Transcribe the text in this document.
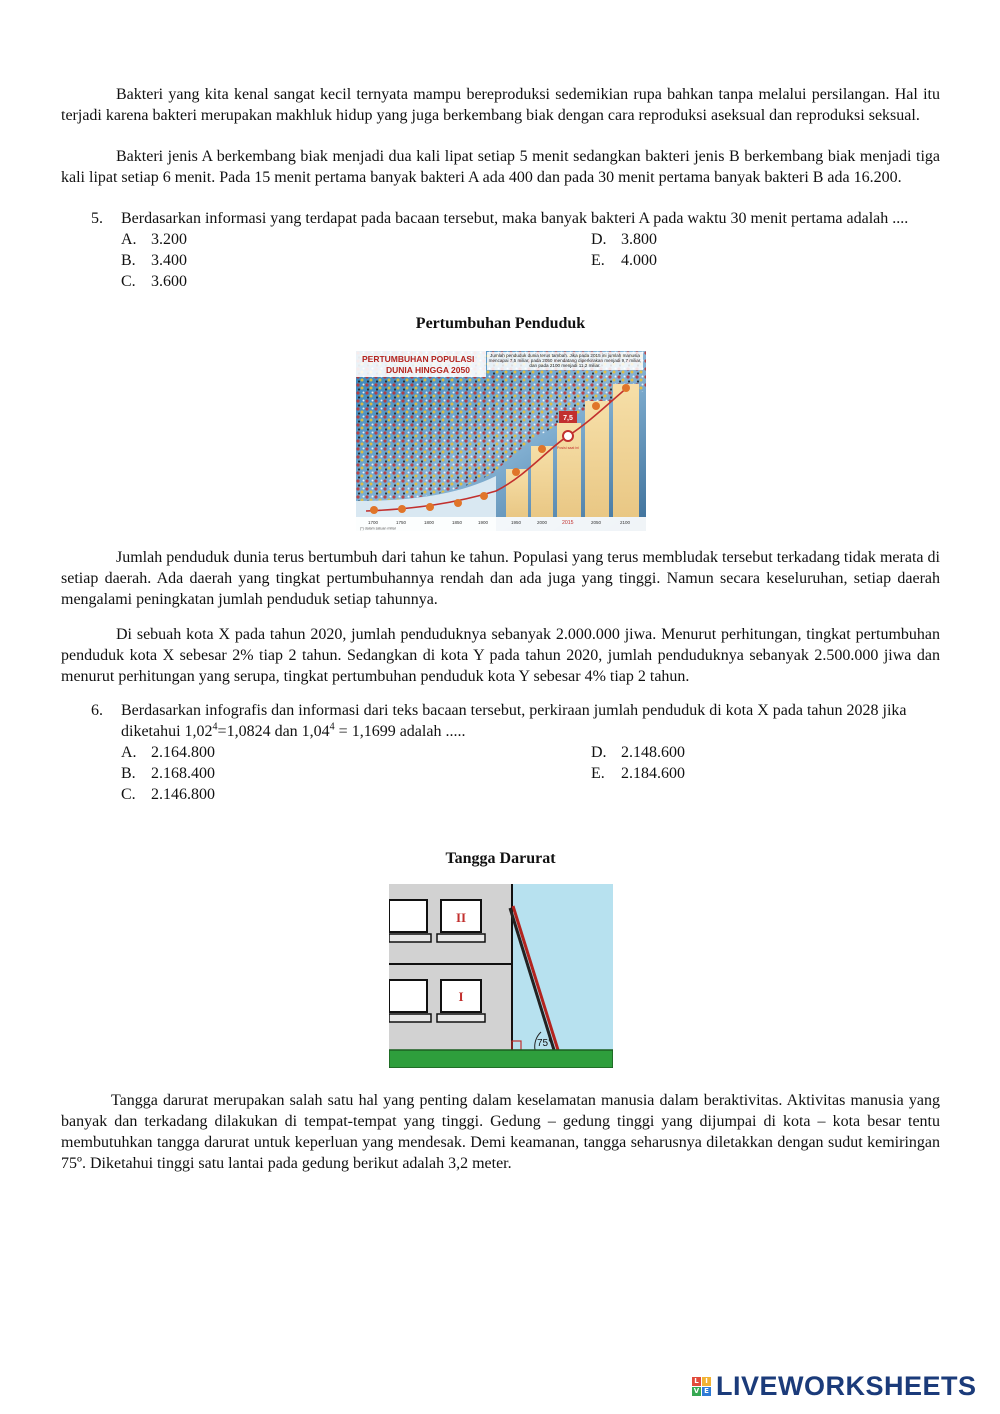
Bakteri yang kita kenal sangat kecil ternyata mampu bereproduksi sedemikian rupa bahkan tanpa melalui persilangan. Hal itu terjadi karena bakteri merupakan makhluk hidup yang juga berkembang biak dengan cara reproduksi aseksual dan reproduksi seksual.

Bakteri jenis A berkembang biak menjadi dua kali lipat setiap 5 menit sedangkan bakteri jenis B berkembang biak menjadi tiga kali lipat setiap 6 menit. Pada 15 menit pertama banyak bakteri A ada 400 dan pada 30 menit pertama banyak bakteri B ada 16.200.

5. Berdasarkan informasi yang terdapat pada bacaan tersebut, maka banyak bakteri A pada waktu 30 menit pertama adalah ....

A. 3.200	D. 3.800
B. 3.400	E.	4.000
C. 3.600
Pertumbuhan Penduduk
PERTUMBUHAN POPULASI
DUNIA HINGGA 2050
Jumlah penduduk dunia terus tambah. Jika pada 2015 ini jumlah manusia mencapai 7,5 miliar, pada 2050 mendatang diperkirakan menjadi 9,7 miliar, dan pada 2100 menjadi 11,2 miliar.
7,5
Posisi saat ini
1700	1750	1800	1850	1900	1950	2000	2015	2050	2100
(*) dalam satuan miliar

Jumlah penduduk dunia terus bertumbuh dari tahun ke tahun. Populasi yang terus membludak tersebut terkadang tidak merata di setiap daerah. Ada daerah yang tingkat pertumbuhannya rendah dan ada juga yang tinggi. Namun secara keseluruhan, setiap daerah mengalami peningkatan jumlah penduduk setiap tahunnya.

Di sebuah kota X pada tahun 2020, jumlah penduduknya sebanyak 2.000.000 jiwa. Menurut perhitungan, tingkat pertumbuhan penduduk kota X sebesar 2% tiap 2 tahun. Sedangkan di kota Y pada tahun 2020, jumlah penduduknya sebanyak 2.500.000 jiwa dan menurut perhitungan yang serupa, tingkat pertumbuhan penduduk kota Y sebesar 4% tiap 2 tahun.

6. Berdasarkan infografis dan informasi dari teks bacaan tersebut, perkiraan jumlah penduduk di kota X pada tahun 2028 jika diketahui $1,02^4=1,0824$ dan $1,04^4 = 1,1699$ adalah .....

A. 2.164.800	D. 2.148.600
B. 2.168.400	E.	2.184.600
C. 2.146.800
Tangga Darurat
II
I
75°

Tangga darurat merupakan salah satu hal yang penting dalam keselamatan manusia dalam beraktivitas. Aktivitas manusia yang banyak dan terkadang dilakukan di tempat-tempat yang tinggi. Gedung – gedung tinggi yang dijumpai di kota – kota besar tentu membutuhkan tangga darurat untuk keperluan yang mendesak. Demi keamanan, tangga seharusnya diletakkan dengan sudut kemiringan 75º. Diketahui tinggi satu lantai pada gedung berikut adalah 3,2 meter.

L I
V E LIVEWORKSHEETS
